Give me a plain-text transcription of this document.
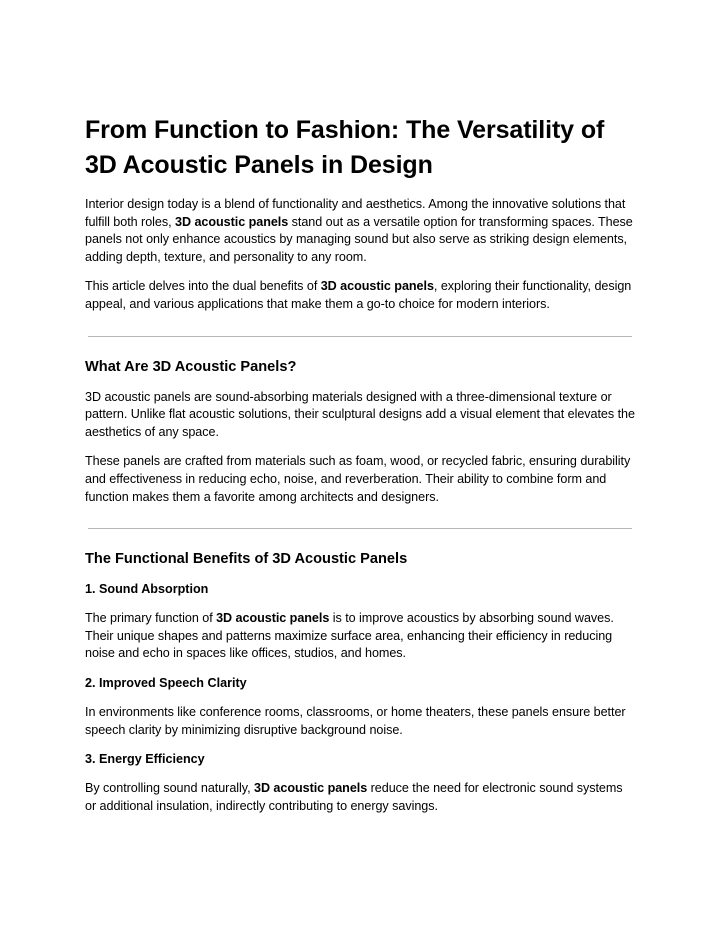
From Function to Fashion: The Versatility of 3D Acoustic Panels in Design

Interior design today is a blend of functionality and aesthetics. Among the innovative solutions that fulfill both roles, 3D acoustic panels stand out as a versatile option for transforming spaces. These panels not only enhance acoustics by managing sound but also serve as striking design elements, adding depth, texture, and personality to any room.

This article delves into the dual benefits of 3D acoustic panels, exploring their functionality, design appeal, and various applications that make them a go-to choice for modern interiors.

What Are 3D Acoustic Panels?

3D acoustic panels are sound-absorbing materials designed with a three-dimensional texture or pattern. Unlike flat acoustic solutions, their sculptural designs add a visual element that elevates the aesthetics of any space.

These panels are crafted from materials such as foam, wood, or recycled fabric, ensuring durability and effectiveness in reducing echo, noise, and reverberation. Their ability to combine form and function makes them a favorite among architects and designers.

The Functional Benefits of 3D Acoustic Panels
1. Sound Absorption

The primary function of 3D acoustic panels is to improve acoustics by absorbing sound waves. Their unique shapes and patterns maximize surface area, enhancing their efficiency in reducing noise and echo in spaces like offices, studios, and homes.

2. Improved Speech Clarity

In environments like conference rooms, classrooms, or home theaters, these panels ensure better speech clarity by minimizing disruptive background noise.

3. Energy Efficiency

By controlling sound naturally, 3D acoustic panels reduce the need for electronic sound systems or additional insulation, indirectly contributing to energy savings.
